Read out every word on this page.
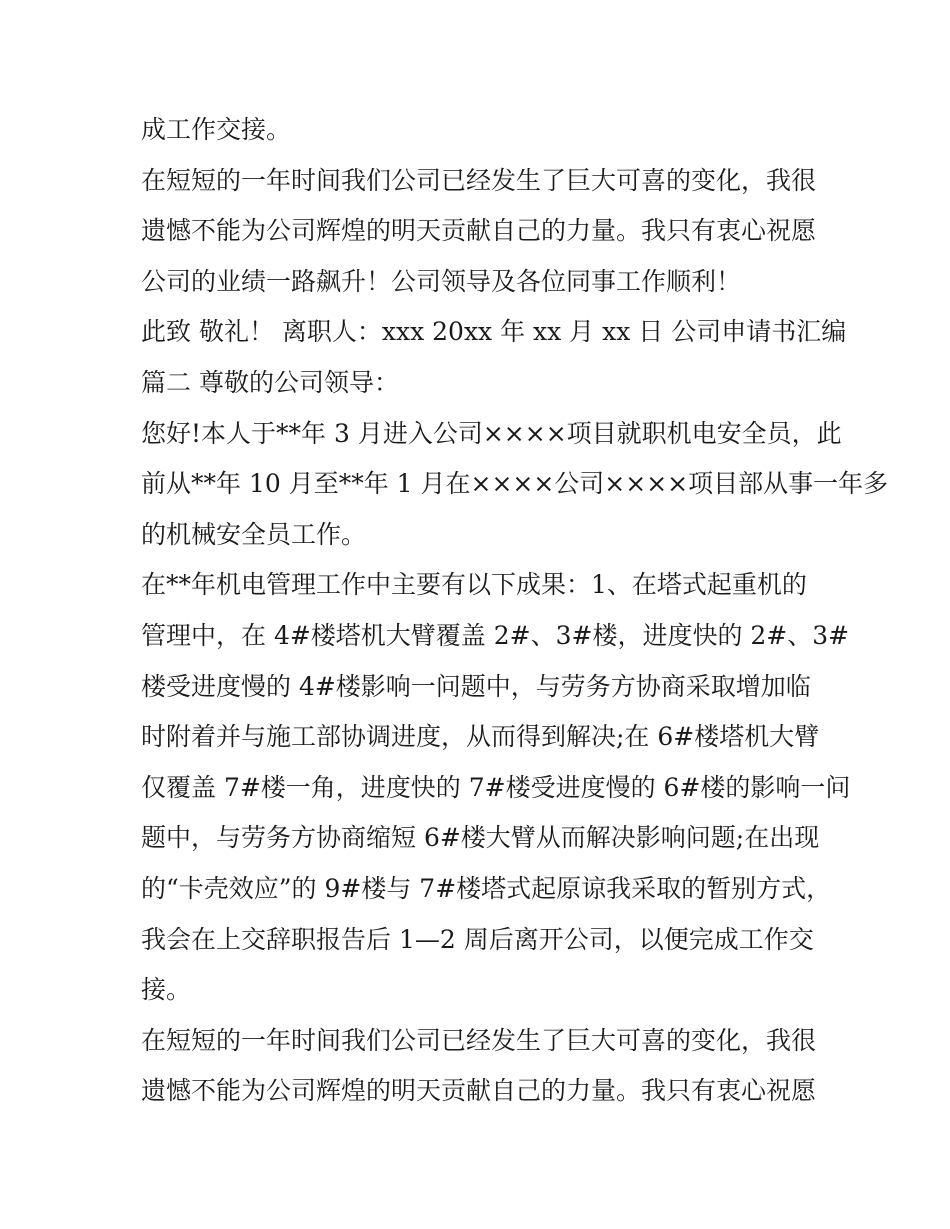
成工作交接。
在短短的一年时间我们公司已经发生了巨大可喜的变化，我很
遗憾不能为公司辉煌的明天贡献自己的力量。我只有衷心祝愿
公司的业绩一路飙升！公司领导及各位同事工作顺利！
此致 敬礼！ 离职人：xxx 20xx 年 xx 月 xx 日 公司申请书汇编
篇二 尊敬的公司领导：
您好!本人于**年 3 月进入公司××××项目就职机电安全员，此
前从**年 10 月至**年 1 月在××××公司××××项目部从事一年多
的机械安全员工作。
在**年机电管理工作中主要有以下成果：1、在塔式起重机的
管理中，在 4#楼塔机大臂覆盖 2#、3#楼，进度快的 2#、3#
楼受进度慢的 4#楼影响一问题中，与劳务方协商采取增加临
时附着并与施工部协调进度，从而得到解决;在 6#楼塔机大臂
仅覆盖 7#楼一角，进度快的 7#楼受进度慢的 6#楼的影响一问
题中，与劳务方协商缩短 6#楼大臂从而解决影响问题;在出现
的“卡壳效应”的 9#楼与 7#楼塔式起原谅我采取的暂别方式，
我会在上交辞职报告后 1—2 周后离开公司，以便完成工作交
接。
在短短的一年时间我们公司已经发生了巨大可喜的变化，我很
遗憾不能为公司辉煌的明天贡献自己的力量。我只有衷心祝愿
